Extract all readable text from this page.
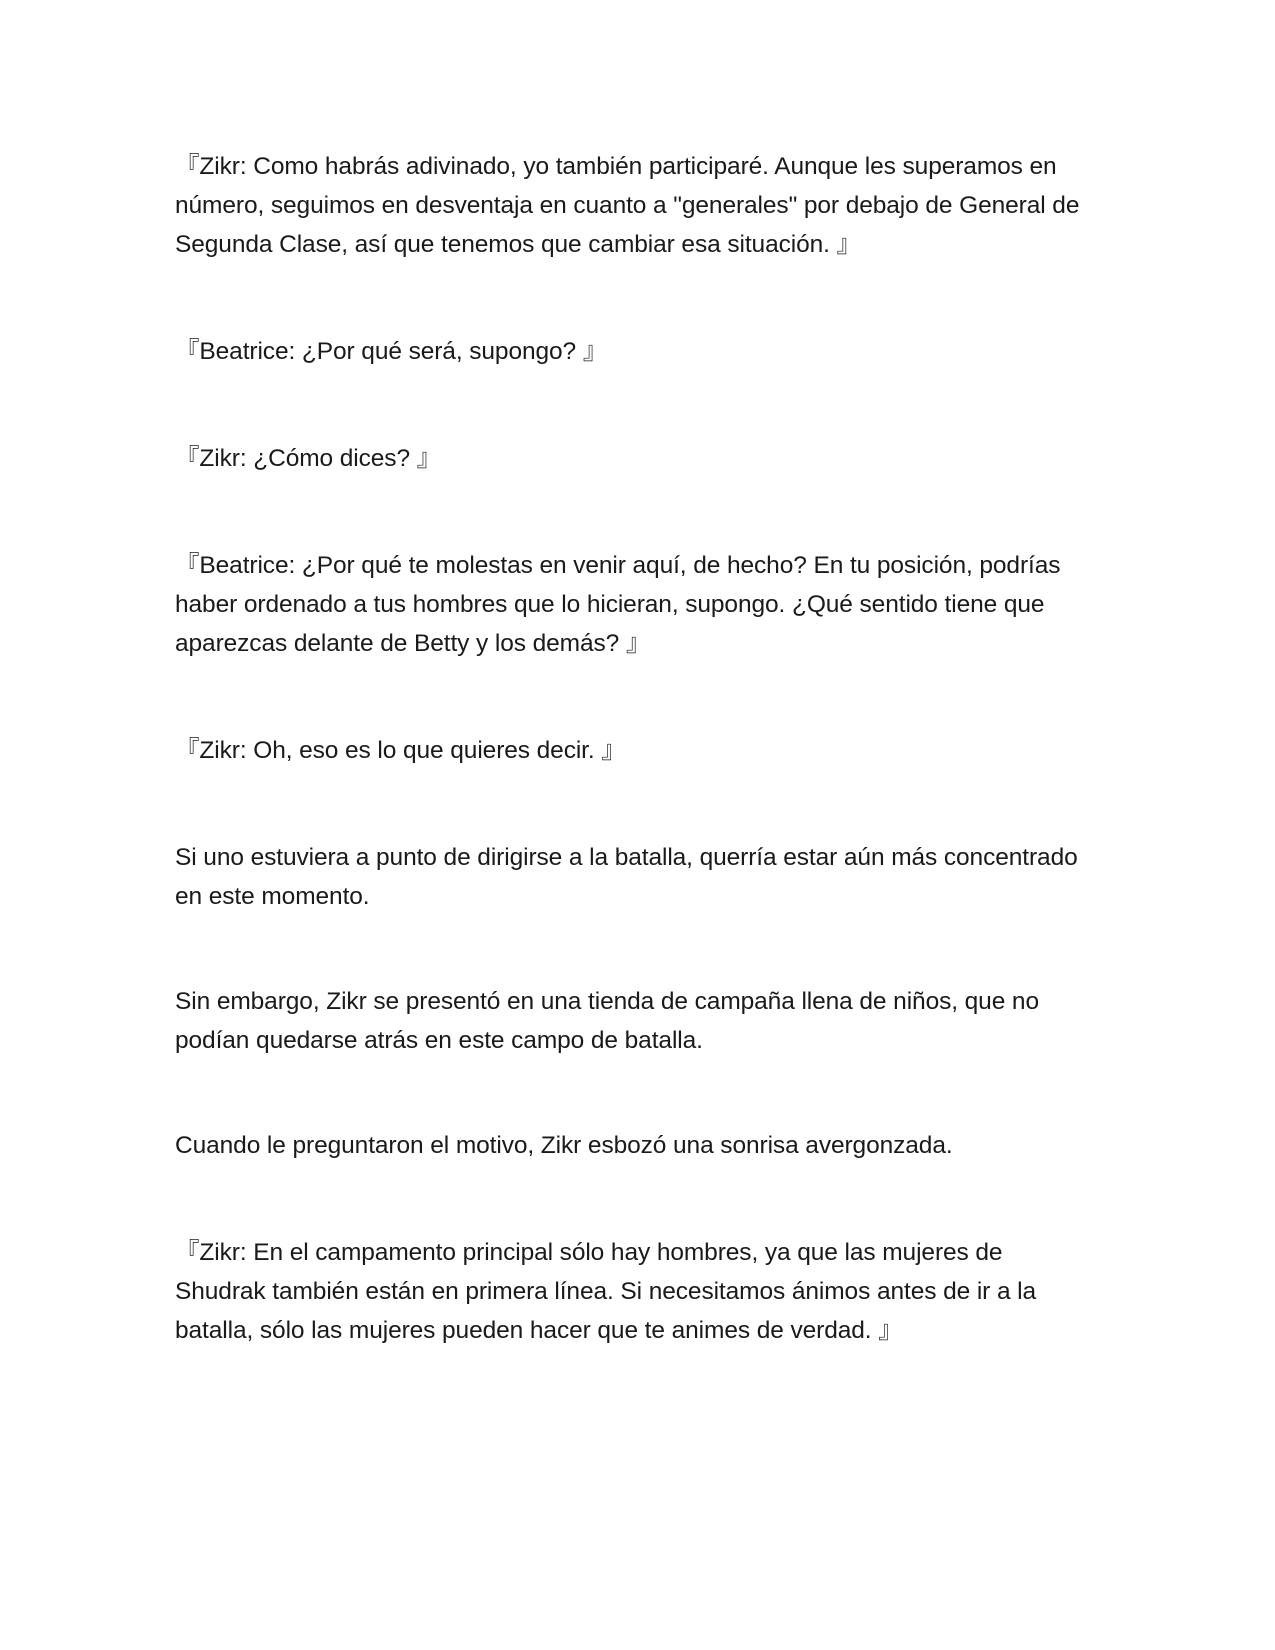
『Zikr: Como habrás adivinado, yo también participaré. Aunque les superamos en número, seguimos en desventaja en cuanto a "generales" por debajo de General de Segunda Clase, así que tenemos que cambiar esa situación. 』

『Beatrice: ¿Por qué será, supongo? 』

『Zikr: ¿Cómo dices? 』

『Beatrice: ¿Por qué te molestas en venir aquí, de hecho? En tu posición, podrías haber ordenado a tus hombres que lo hicieran, supongo. ¿Qué sentido tiene que aparezcas delante de Betty y los demás? 』

『Zikr: Oh, eso es lo que quieres decir. 』

Si uno estuviera a punto de dirigirse a la batalla, querría estar aún más concentrado en este momento.

Sin embargo, Zikr se presentó en una tienda de campaña llena de niños, que no podían quedarse atrás en este campo de batalla.

Cuando le preguntaron el motivo, Zikr esbozó una sonrisa avergonzada.

『Zikr: En el campamento principal sólo hay hombres, ya que las mujeres de Shudrak también están en primera línea. Si necesitamos ánimos antes de ir a la batalla, sólo las mujeres pueden hacer que te animes de verdad. 』
